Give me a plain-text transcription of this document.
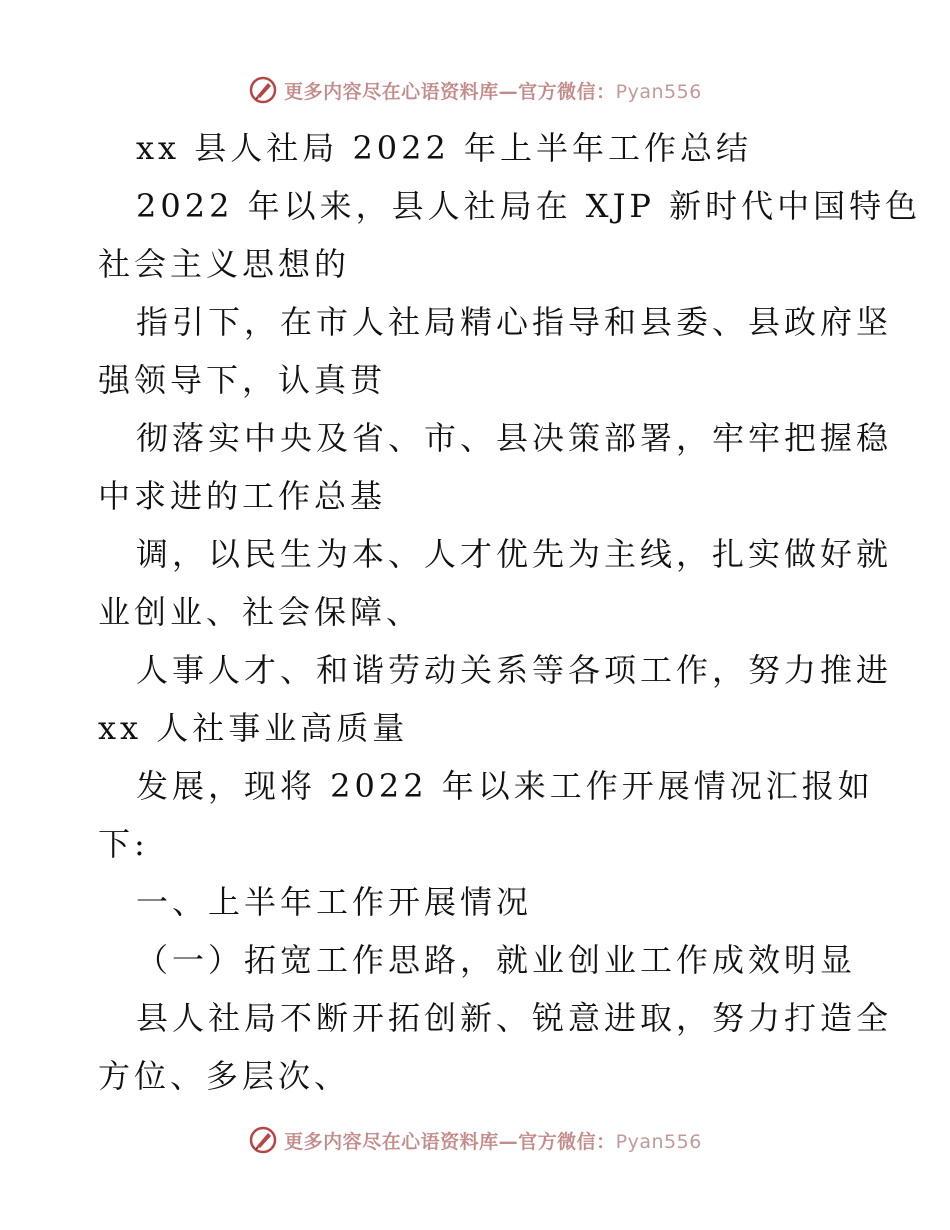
更多内容尽在心语资料库—官方微信：Pyan556
xx 县人社局 2022 年上半年工作总结
2022 年以来，县人社局在 XJP 新时代中国特色
社会主义思想的
指引下，在市人社局精心指导和县委、县政府坚
强领导下，认真贯
彻落实中央及省、市、县决策部署，牢牢把握稳
中求进的工作总基
调，以民生为本、人才优先为主线，扎实做好就
业创业、社会保障、
人事人才、和谐劳动关系等各项工作，努力推进
xx 人社事业高质量
发展，现将 2022 年以来工作开展情况汇报如
下:
一、上半年工作开展情况
（一）拓宽工作思路，就业创业工作成效明显
县人社局不断开拓创新、锐意进取，努力打造全
方位、多层次、
更多内容尽在心语资料库—官方微信：Pyan556
